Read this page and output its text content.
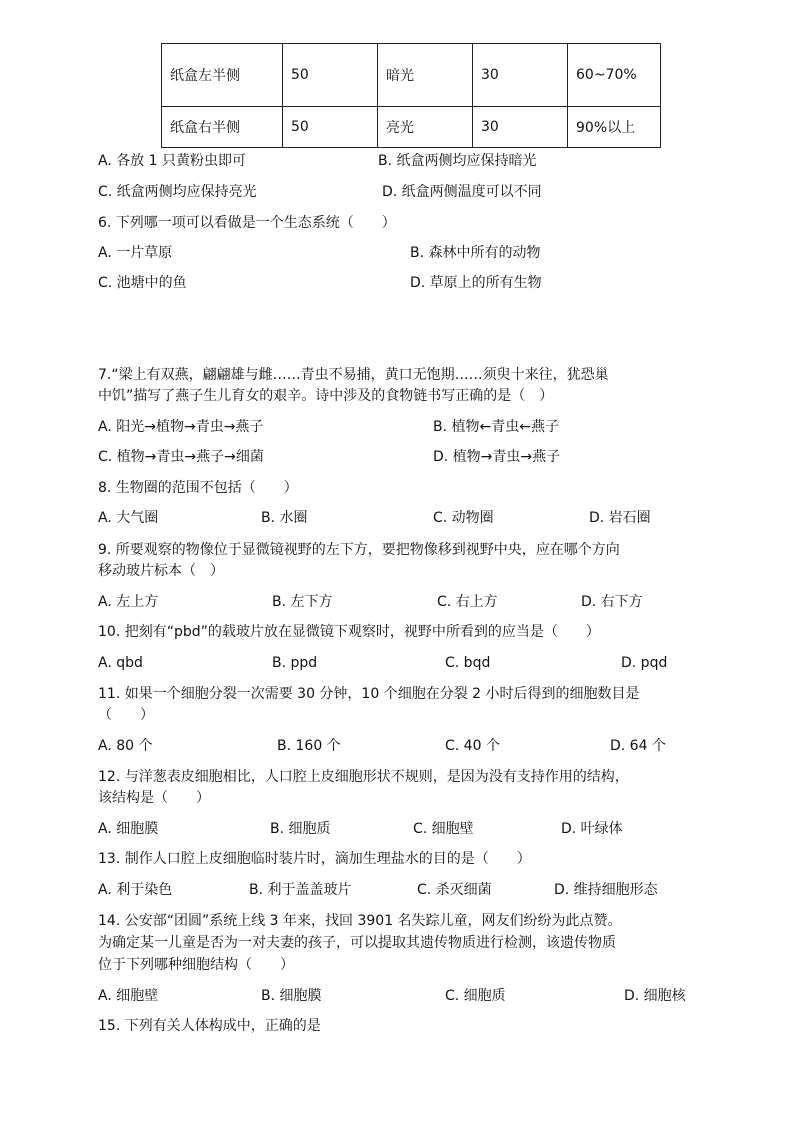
纸盒左半侧	50	暗光	30	60~70%
纸盒右半侧	50	亮光	30	90%以上
A. 各放 1 只黄粉虫即可	B. 纸盒两侧均应保持暗光
C. 纸盒两侧均应保持亮光	D. 纸盒两侧温度可以不同
6. 下列哪一项可以看做是一个生态系统（　　）
A. 一片草原	B. 森林中所有的动物
C. 池塘中的鱼	D. 草原上的所有生物
7.“梁上有双燕，翩翩雄与雌……青虫不易捕，黄口无饱期……须臾十来往，犹恐巢
中饥”描写了燕子生儿育女的艰辛。诗中涉及的食物链书写正确的是（　）
A. 阳光→植物→青虫→燕子	B. 植物←青虫←燕子
C. 植物→青虫→燕子→细菌	D. 植物→青虫→燕子
8. 生物圈的范围不包括（　　）
A. 大气圈	B. 水圈	C. 动物圈	D. 岩石圈
9. 所要观察的物像位于显微镜视野的左下方，要把物像移到视野中央，应在哪个方向
移动玻片标本（　）
A. 左上方	B. 左下方	C. 右上方	D. 右下方
10. 把刻有“pbd”的载玻片放在显微镜下观察时，视野中所看到的应当是（　　）
A. qbd	B. ppd	C. bqd	D. pqd
11. 如果一个细胞分裂一次需要 30 分钟，10 个细胞在分裂 2 小时后得到的细胞数目是
（　　）
A. 80 个	B. 160 个	C. 40 个	D. 64 个
12. 与洋葱表皮细胞相比，人口腔上皮细胞形状不规则，是因为没有支持作用的结构，
该结构是（　　）
A. 细胞膜	B. 细胞质	C. 细胞壁	D. 叶绿体
13. 制作人口腔上皮细胞临时装片时，滴加生理盐水的目的是（　　）
A. 利于染色	B. 利于盖盖玻片	C. 杀灭细菌	D. 维持细胞形态
14. 公安部“团圆”系统上线 3 年来，找回 3901 名失踪儿童，网友们纷纷为此点赞。
为确定某一儿童是否为一对夫妻的孩子，可以提取其遗传物质进行检测，该遗传物质
位于下列哪种细胞结构（　　）
A. 细胞壁	B. 细胞膜	C. 细胞质	D. 细胞核
15. 下列有关人体构成中，正确的是
